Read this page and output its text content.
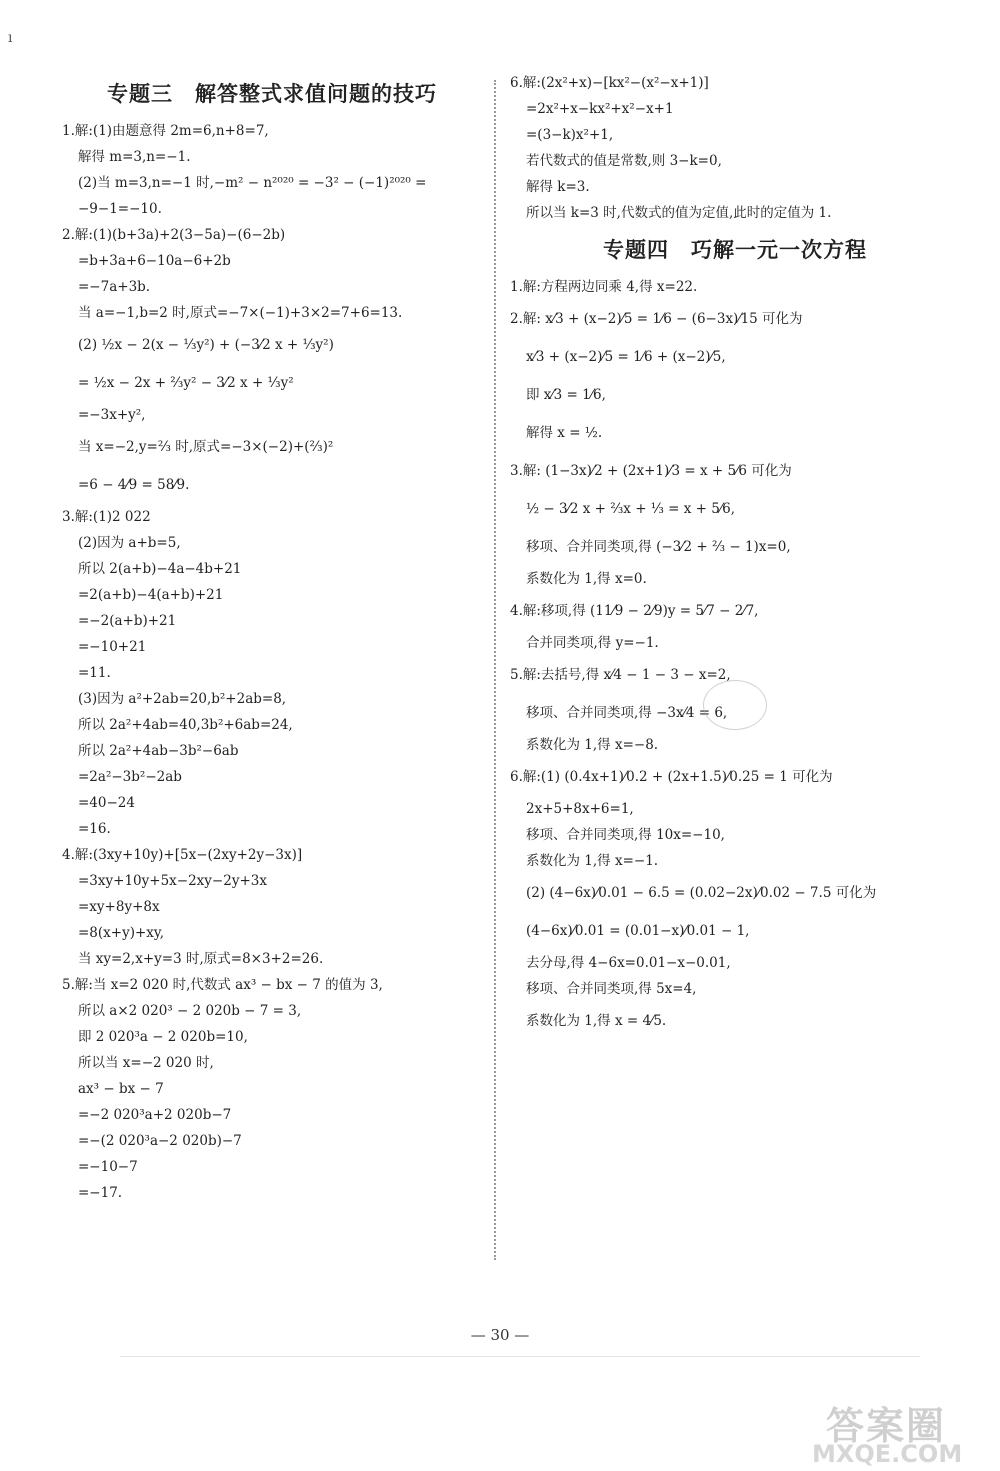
ı
专题三　解答整式求值问题的技巧
1.解:(1)由题意得 2m=6,n+8=7,
解得 m=3,n=−1.
(2)当 m=3,n=−1 时,−m² − n²⁰²⁰ = −3² − (−1)²⁰²⁰ =
−9−1=−10.
2.解:(1)(b+3a)+2(3−5a)−(6−2b)
=b+3a+6−10a−6+2b
=−7a+3b.
当 a=−1,b=2 时,原式=−7×(−1)+3×2=7+6=13.
(2) ½x − 2(x − ⅓y²) + (−3⁄2 x + ⅓y²)
= ½x − 2x + ⅔y² − 3⁄2 x + ⅓y²
=−3x+y²,
当 x=−2,y=⅔ 时,原式=−3×(−2)+(⅔)²
=6 − 4⁄9 = 58⁄9.
3.解:(1)2 022
(2)因为 a+b=5,
所以 2(a+b)−4a−4b+21
=2(a+b)−4(a+b)+21
=−2(a+b)+21
=−10+21
=11.
(3)因为 a²+2ab=20,b²+2ab=8,
所以 2a²+4ab=40,3b²+6ab=24,
所以 2a²+4ab−3b²−6ab
=2a²−3b²−2ab
=40−24
=16.
4.解:(3xy+10y)+[5x−(2xy+2y−3x)]
=3xy+10y+5x−2xy−2y+3x
=xy+8y+8x
=8(x+y)+xy,
当 xy=2,x+y=3 时,原式=8×3+2=26.
5.解:当 x=2 020 时,代数式 ax³ − bx − 7 的值为 3,
所以 a×2 020³ − 2 020b − 7 = 3,
即 2 020³a − 2 020b=10,
所以当 x=−2 020 时,
ax³ − bx − 7
=−2 020³a+2 020b−7
=−(2 020³a−2 020b)−7
=−10−7
=−17.
6.解:(2x²+x)−[kx²−(x²−x+1)]
=2x²+x−kx²+x²−x+1
=(3−k)x²+1,
若代数式的值是常数,则 3−k=0,
解得 k=3.
所以当 k=3 时,代数式的值为定值,此时的定值为 1.
专题四　巧解一元一次方程
1.解:方程两边同乘 4,得 x=22.
2.解: x⁄3 + (x−2)⁄5 = 1⁄6 − (6−3x)⁄15 可化为
x⁄3 + (x−2)⁄5 = 1⁄6 + (x−2)⁄5,
即 x⁄3 = 1⁄6,
解得 x = ½.
3.解: (1−3x)⁄2 + (2x+1)⁄3 = x + 5⁄6 可化为
½ − 3⁄2 x + ⅔x + ⅓ = x + 5⁄6,
移项、合并同类项,得 (−3⁄2 + ⅔ − 1)x=0,
系数化为 1,得 x=0.
4.解:移项,得 (11⁄9 − 2⁄9)y = 5⁄7 − 2⁄7,
合并同类项,得 y=−1.
5.解:去括号,得 x⁄4 − 1 − 3 − x=2,
移项、合并同类项,得 −3x⁄4 = 6,
系数化为 1,得 x=−8.
6.解:(1) (0.4x+1)⁄0.2 + (2x+1.5)⁄0.25 = 1 可化为
2x+5+8x+6=1,
移项、合并同类项,得 10x=−10,
系数化为 1,得 x=−1.
(2) (4−6x)⁄0.01 − 6.5 = (0.02−2x)⁄0.02 − 7.5 可化为
(4−6x)⁄0.01 = (0.01−x)⁄0.01 − 1,
去分母,得 4−6x=0.01−x−0.01,
移项、合并同类项,得 5x=4,
系数化为 1,得 x = 4⁄5.
— 30 —
答案圈
MXQE.COM
